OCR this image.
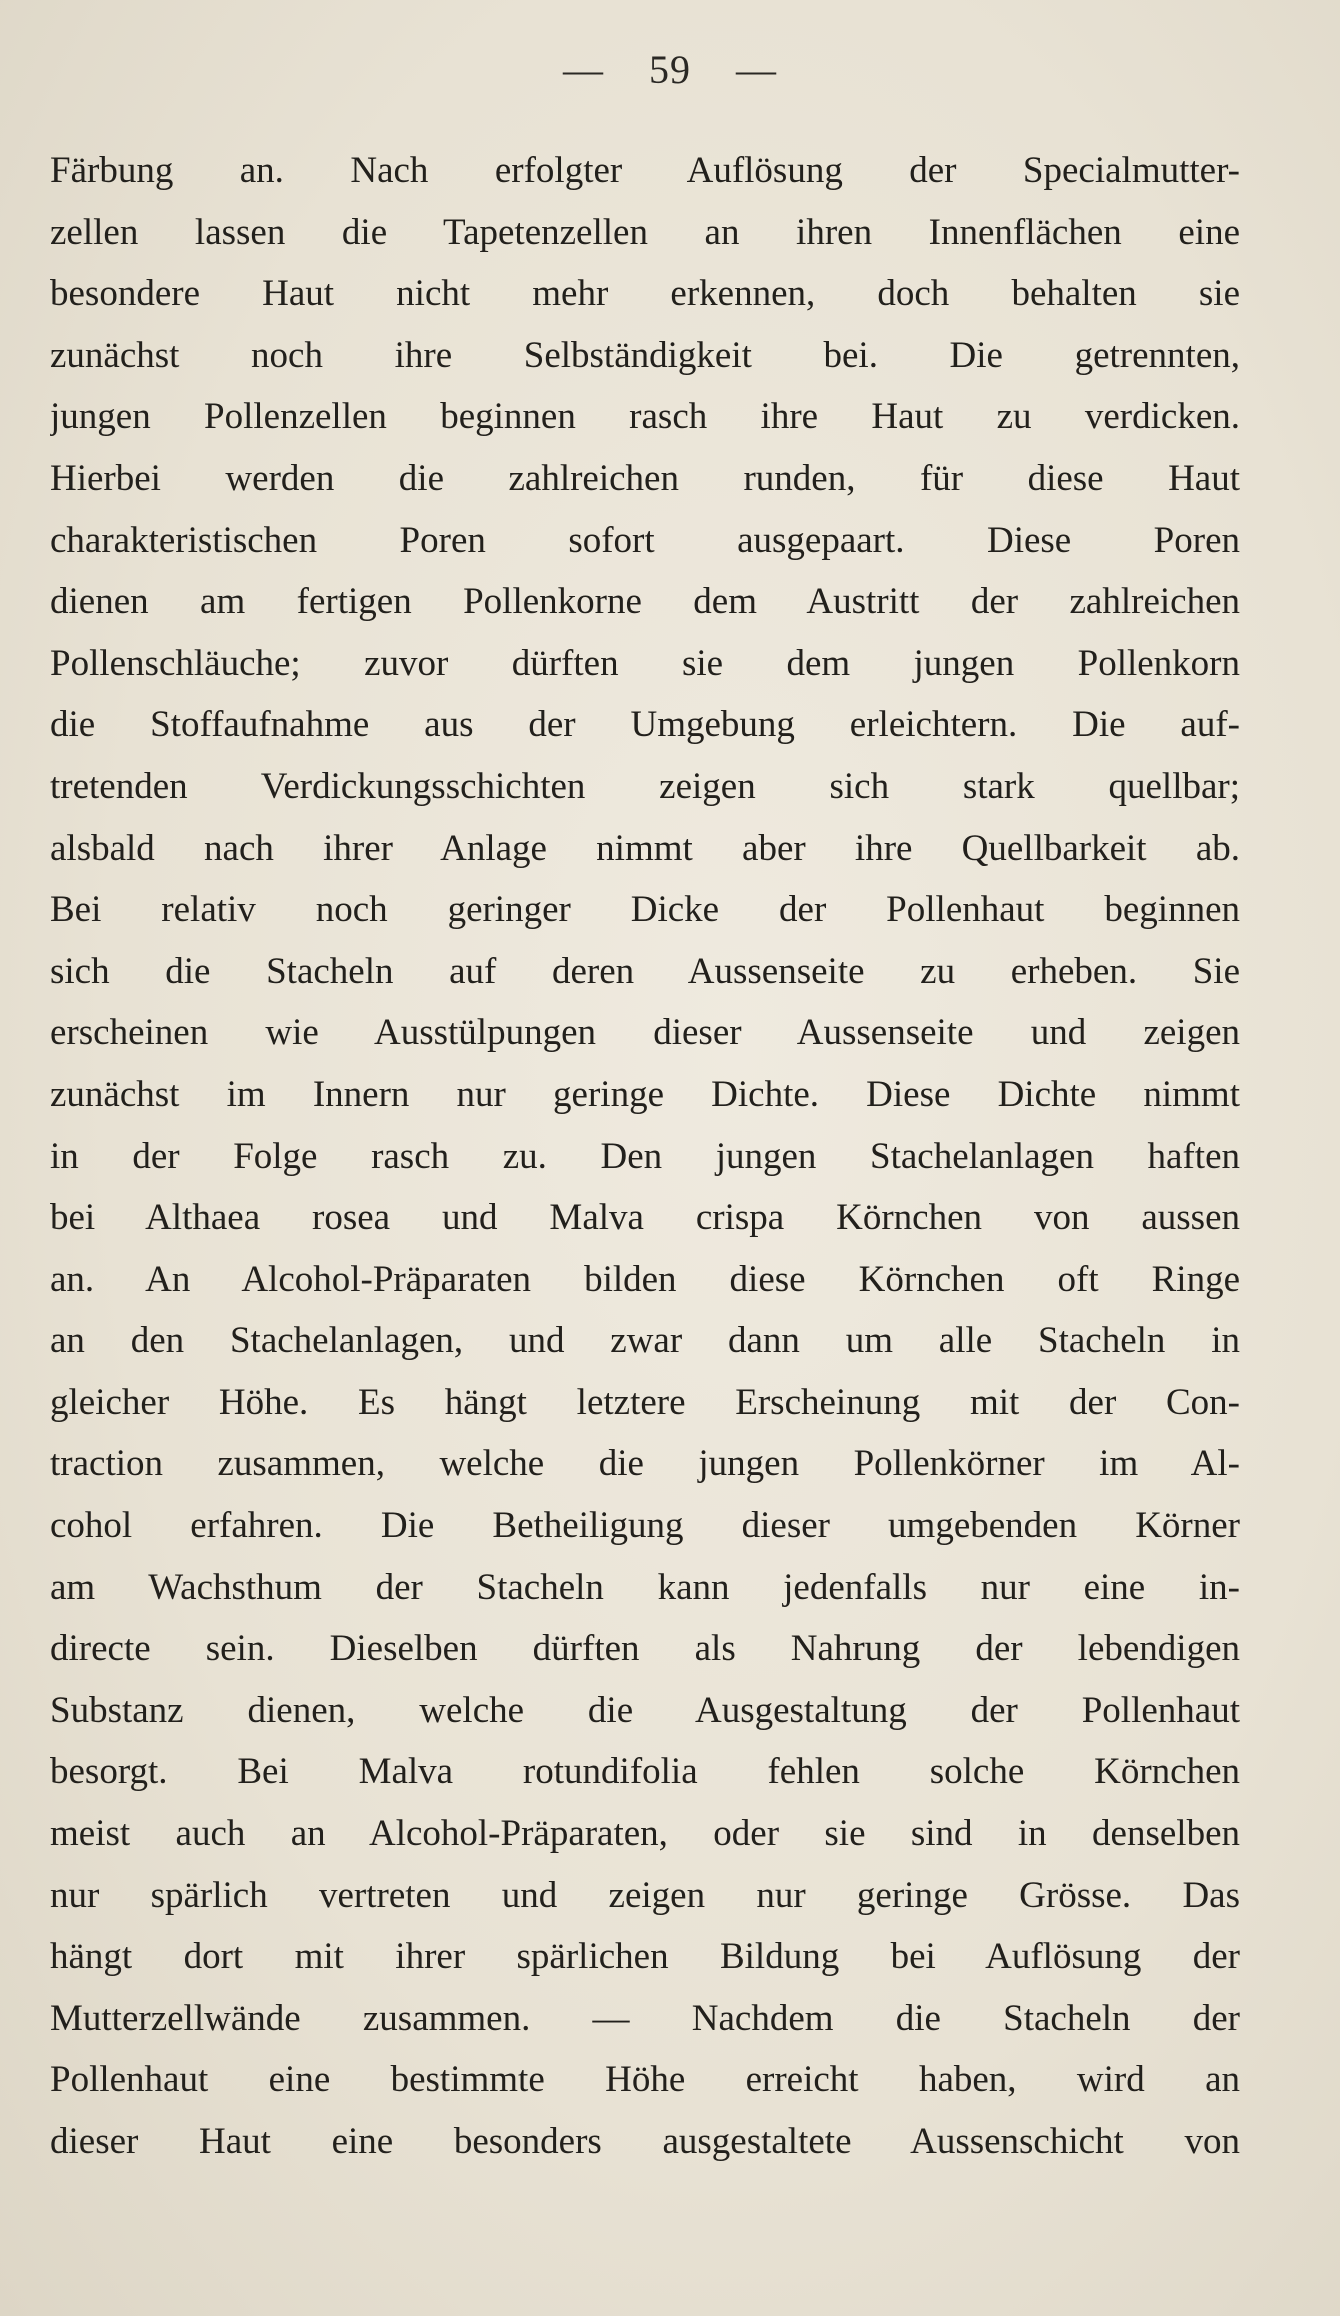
— 59 —
Färbung an. Nach erfolgter Auflösung der Specialmutter-
zellen lassen die Tapetenzellen an ihren Innenflächen eine
besondere Haut nicht mehr erkennen, doch behalten sie
zunächst noch ihre Selbständigkeit bei. Die getrennten,
jungen Pollenzellen beginnen rasch ihre Haut zu verdicken.
Hierbei werden die zahlreichen runden, für diese Haut
charakteristischen Poren sofort ausgepaart. Diese Poren
dienen am fertigen Pollenkorne dem Austritt der zahlreichen
Pollenschläuche; zuvor dürften sie dem jungen Pollenkorn
die Stoffaufnahme aus der Umgebung erleichtern. Die auf-
tretenden Verdickungsschichten zeigen sich stark quellbar;
alsbald nach ihrer Anlage nimmt aber ihre Quellbarkeit ab.
Bei relativ noch geringer Dicke der Pollenhaut beginnen
sich die Stacheln auf deren Aussenseite zu erheben. Sie
erscheinen wie Ausstülpungen dieser Aussenseite und zeigen
zunächst im Innern nur geringe Dichte. Diese Dichte nimmt
in der Folge rasch zu. Den jungen Stachelanlagen haften
bei Althaea rosea und Malva crispa Körnchen von aussen
an. An Alcohol-Präparaten bilden diese Körnchen oft Ringe
an den Stachelanlagen, und zwar dann um alle Stacheln in
gleicher Höhe. Es hängt letztere Erscheinung mit der Con-
traction zusammen, welche die jungen Pollenkörner im Al-
cohol erfahren. Die Betheiligung dieser umgebenden Körner
am Wachsthum der Stacheln kann jedenfalls nur eine in-
directe sein. Dieselben dürften als Nahrung der lebendigen
Substanz dienen, welche die Ausgestaltung der Pollenhaut
besorgt. Bei Malva rotundifolia fehlen solche Körnchen
meist auch an Alcohol-Präparaten, oder sie sind in denselben
nur spärlich vertreten und zeigen nur geringe Grösse. Das
hängt dort mit ihrer spärlichen Bildung bei Auflösung der
Mutterzellwände zusammen. — Nachdem die Stacheln der
Pollenhaut eine bestimmte Höhe erreicht haben, wird an
dieser Haut eine besonders ausgestaltete Aussenschicht von
